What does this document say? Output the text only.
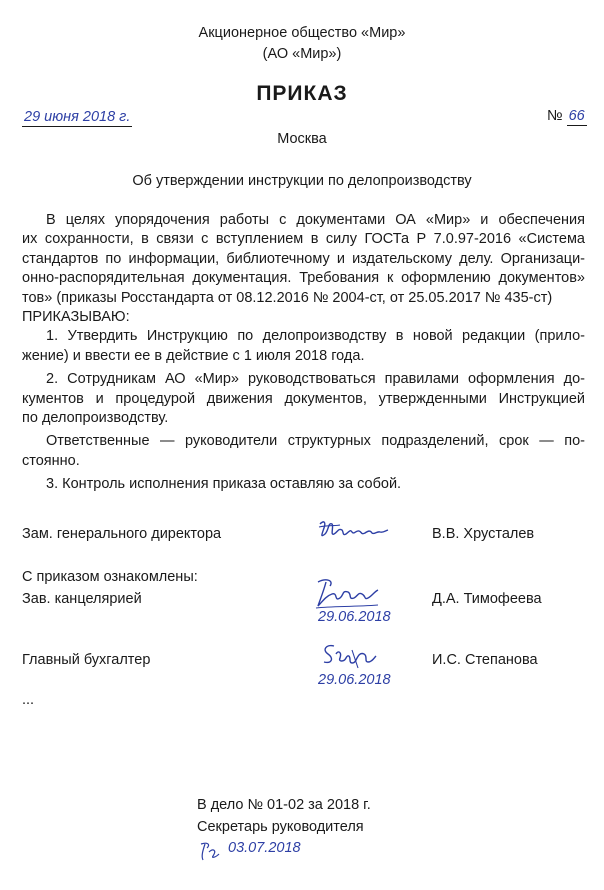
Акционерное общество «Мир»
(АО «Мир»)
ПРИКАЗ
29 июня 2018 г.	№ 66
Москва
Об утверждении инструкции по делопроизводству
В целях упорядочения работы с документами ОА «Мир» и обеспечения
их сохранности, в связи с вступлением в силу ГОСТа Р 7.0.97-2016 «Система
стандартов по информации, библиотечному и издательскому делу. Организаци-
онно-распорядительная документация. Требования к оформлению документов»
тов» (приказы Росстандарта от 08.12.2016 № 2004-ст, от 25.05.2017 № 435-ст)
ПРИКАЗЫВАЮ:
1. Утвердить Инструкцию по делопроизводству в новой редакции (прило-
жение) и ввести ее в действие с 1 июля 2018 года.
2. Сотрудникам АО «Мир» руководствоваться правилами оформления до-
кументов и процедурой движения документов, утвержденными Инструкцией
по делопроизводству.
Ответственные — руководители структурных подразделений, срок — по-
стоянно.
3. Контроль исполнения приказа оставляю за собой.
Зам. генерального директора	В.В. Хрусталев
С приказом ознакомлены:
Зав. канцелярией
29.06.2018
Д.А. Тимофеева
Главный бухгалтер
29.06.2018
И.С. Степанова
...
В дело № 01-02 за 2018 г.
Секретарь руководителя
03.07.2018
